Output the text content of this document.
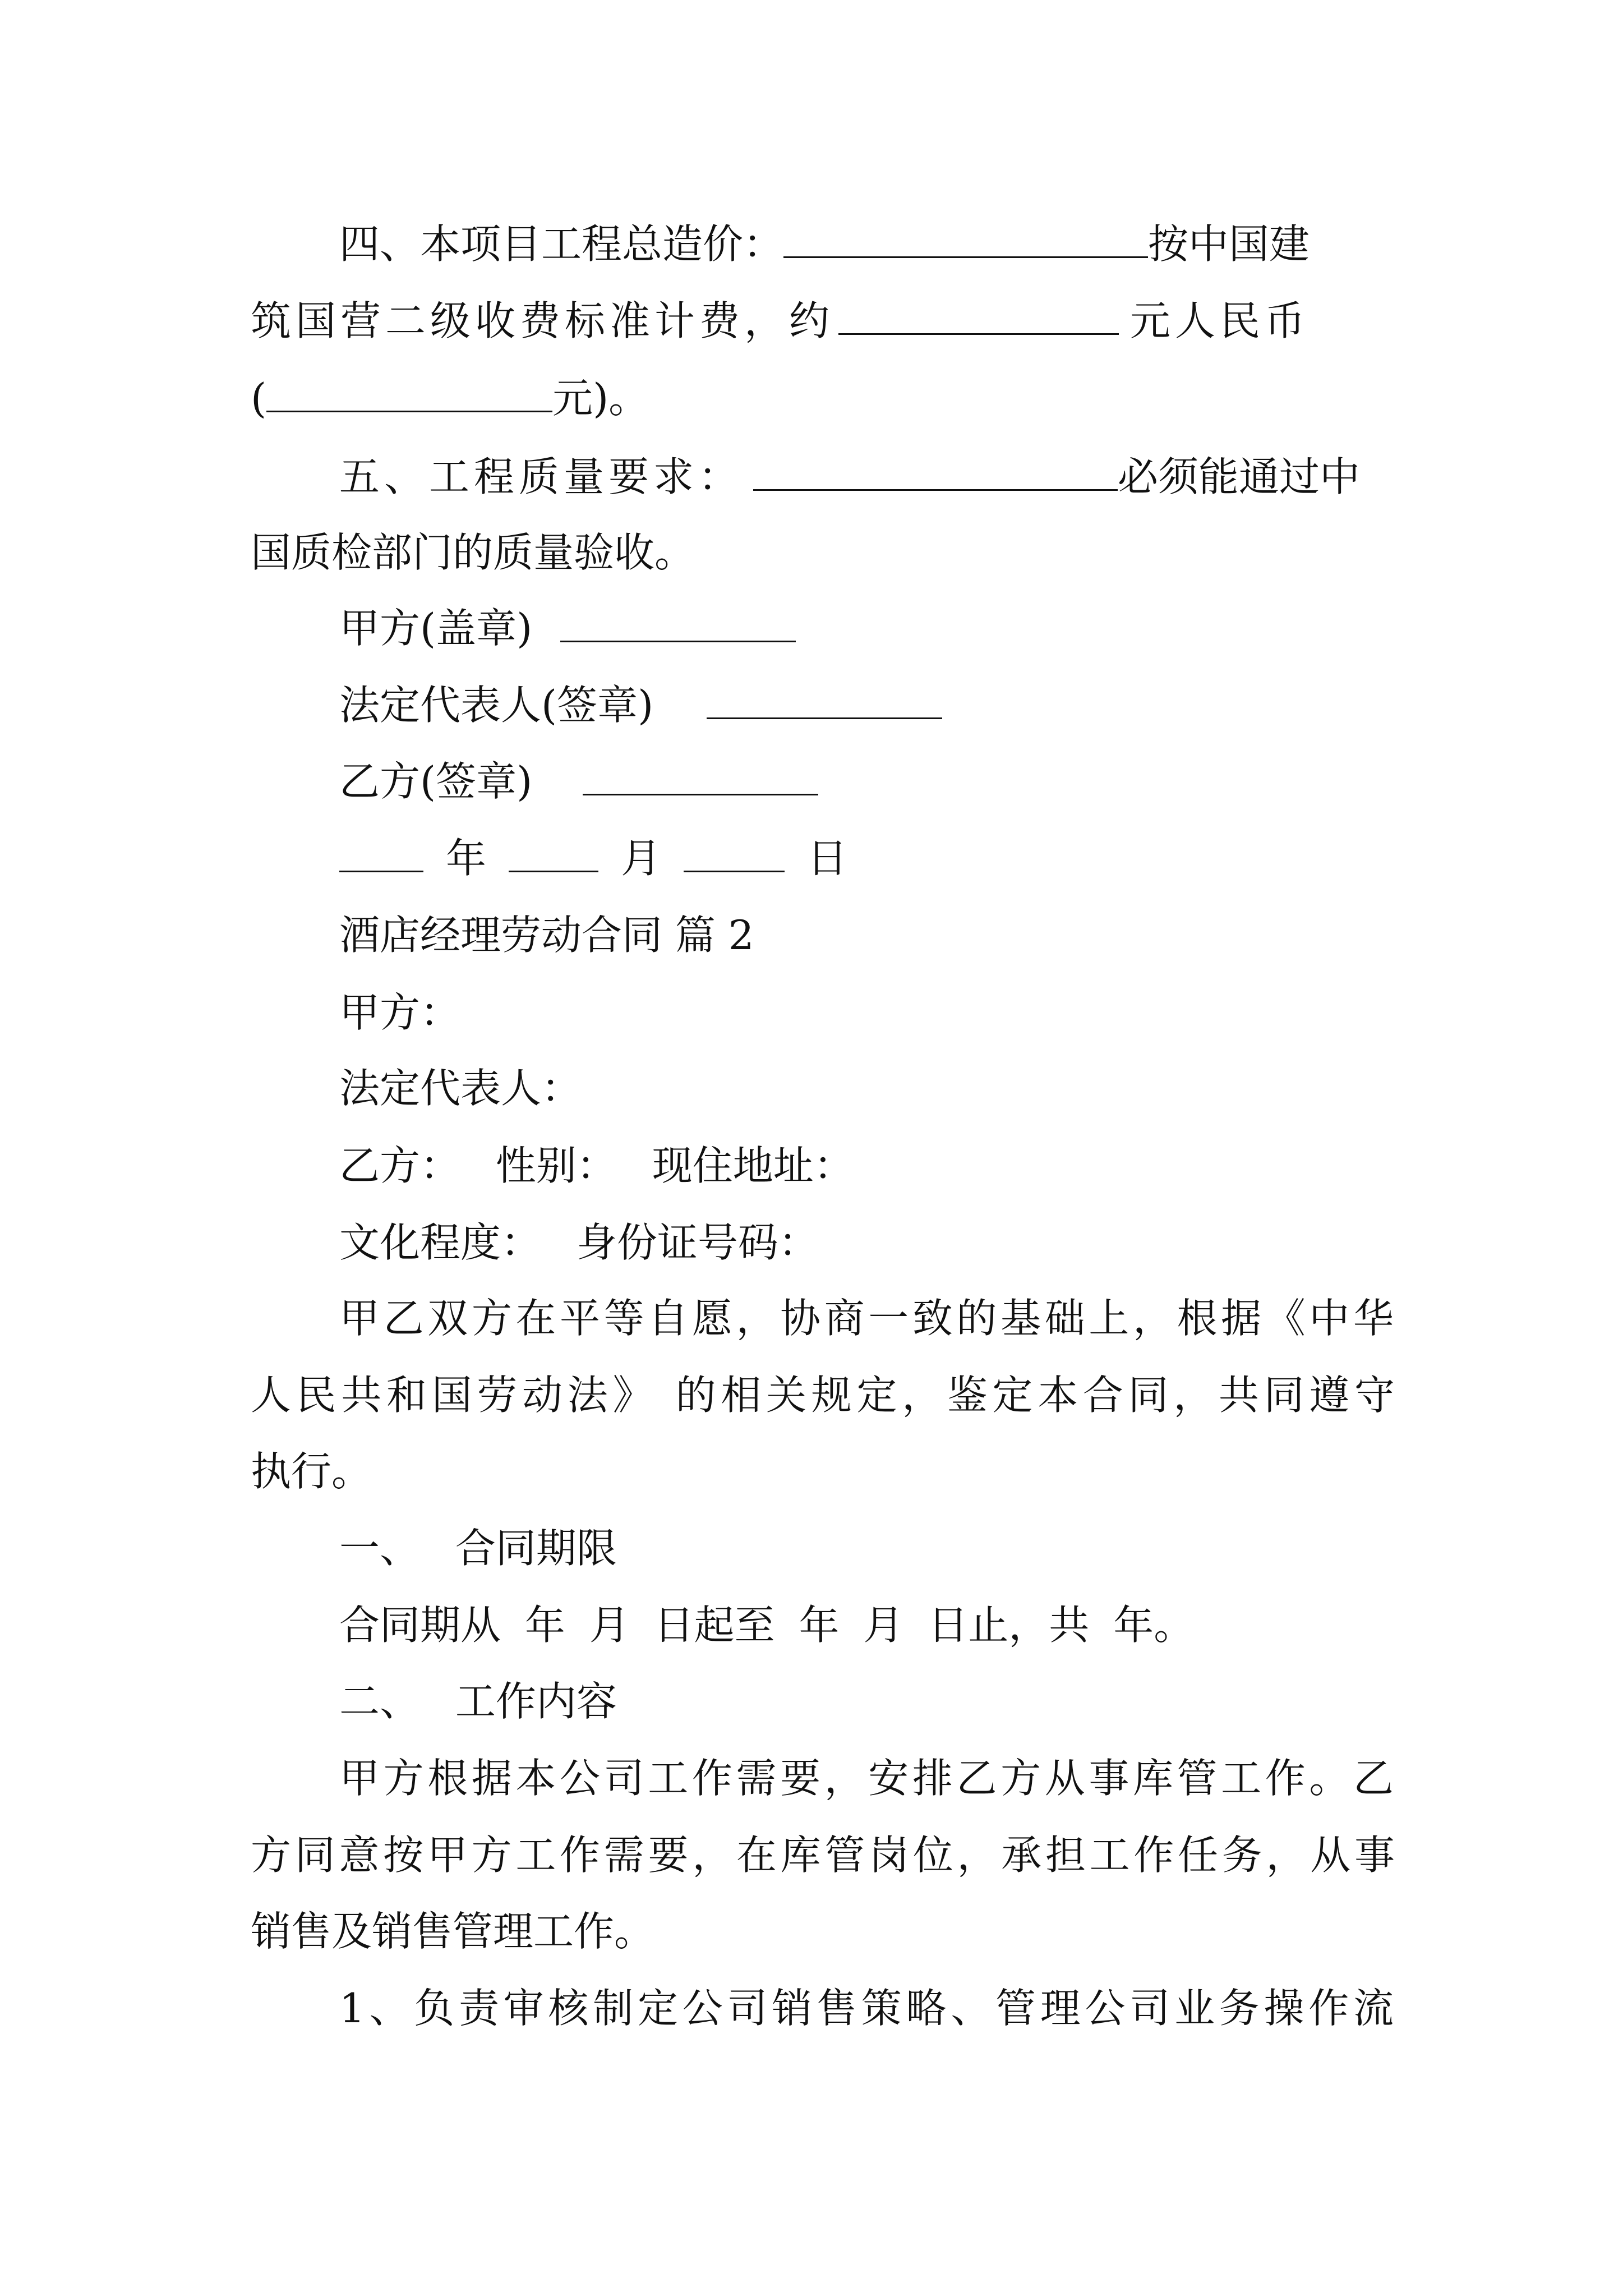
四、本项目工程总造价：	按中国建
筑国营二级收费标准计费，约	元人民币
(	元)。
五、工程质量要求：	必须能通过中
国质检部门的质量验收。
甲方(盖章)
法定代表人(签章)
乙方(签章)
年	月	日
酒店经理劳动合同 篇 2
甲方：
法定代表人：
乙方： 性别： 现住地址：
文化程度： 身份证号码：
甲乙双方在平等自愿，协商一致的基础上，根据《中华
人民共和国劳动法》 的相关规定，鉴定本合同，共同遵守
执行。
一、 合同期限
合同期从 年 月 日起至 年 月 日止，共 年。
二、 工作内容
甲方根据本公司工作需要，安排乙方从事库管工作。乙
方同意按甲方工作需要，在库管岗位，承担工作任务，从事
销售及销售管理工作。
1、负责审核制定公司销售策略、管理公司业务操作流
